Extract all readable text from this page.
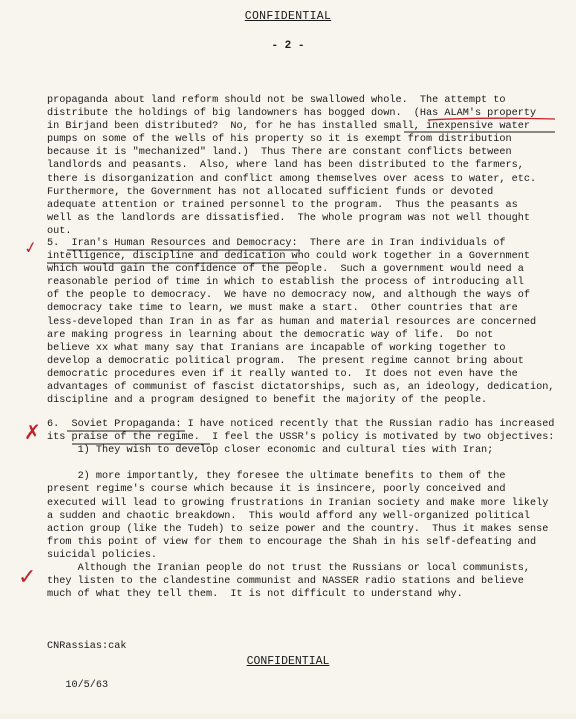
CONFIDENTIAL
- 2 -
propaganda about land reform should not be swallowed whole.  The attempt to
distribute the holdings of big landowners has bogged down.  (Has ALAM's property
in Birjand been distributed?  No, for he has installed small, inexpensive water
pumps on some of the wells of his property so it is exempt from distribution
because it is "mechanized" land.)  Thus There are constant conflicts between
landlords and peasants.  Also, where land has been distributed to the farmers,
there is disorganization and conflict among themselves over acess to water, etc.
Furthermore, the Government has not allocated sufficient funds or devoted
adequate attention or trained personnel to the program.  Thus the peasants as
well as the landlords are dissatisfied.  The whole program was not well thought
out.
5.  Iran's Human Resources and Democracy:  There are in Iran individuals of
intelligence, discipline and dedication who could work together in a Government
which would gain the confidence of the people.  Such a government would need a
reasonable period of time in which to establish the process of introducing all
of the people to democracy.  We have no democracy now, and although the ways of
democracy take time to learn, we must make a start.  Other countries that are
less-developed than Iran in as far as human and material resources are concerned
are making progress in learning about the democratic way of life.  Do not
believe xx what many say that Iranians are incapable of working together to
develop a democratic political program.  The present regime cannot bring about
democratic procedures even if it really wanted to.  It does not even have the
advantages of communist of fascist dictatorships, such as, an ideology, dedication,
discipline and a program designed to benefit the majority of the people.
6.  Soviet Propaganda: I have noticed recently that the Russian radio has increased
its praise of the regime.  I feel the USSR's policy is motivated by two objectives:
1) They wish to develop closer economic and cultural ties with Iran;

2) more importantly, they foresee the ultimate benefits to them of the
present regime's course which because it is insincere, poorly conceived and
executed will lead to growing frustrations in Iranian society and make more likely
a sudden and chaotic breakdown.  This would afford any well-organized political
action group (like the Tudeh) to seize power and the country.  Thus it makes sense
from this point of view for them to encourage the Shah in his self-defeating and
suicidal policies.
Although the Iranian people do not trust the Russians or local communists,
they listen to the clandestine communist and NASSER radio stations and believe
much of what they tell them.  It is not difficult to understand why.

CNRassias:cak

10/5/63

CONFIDENTIAL
✓
✗
✓
